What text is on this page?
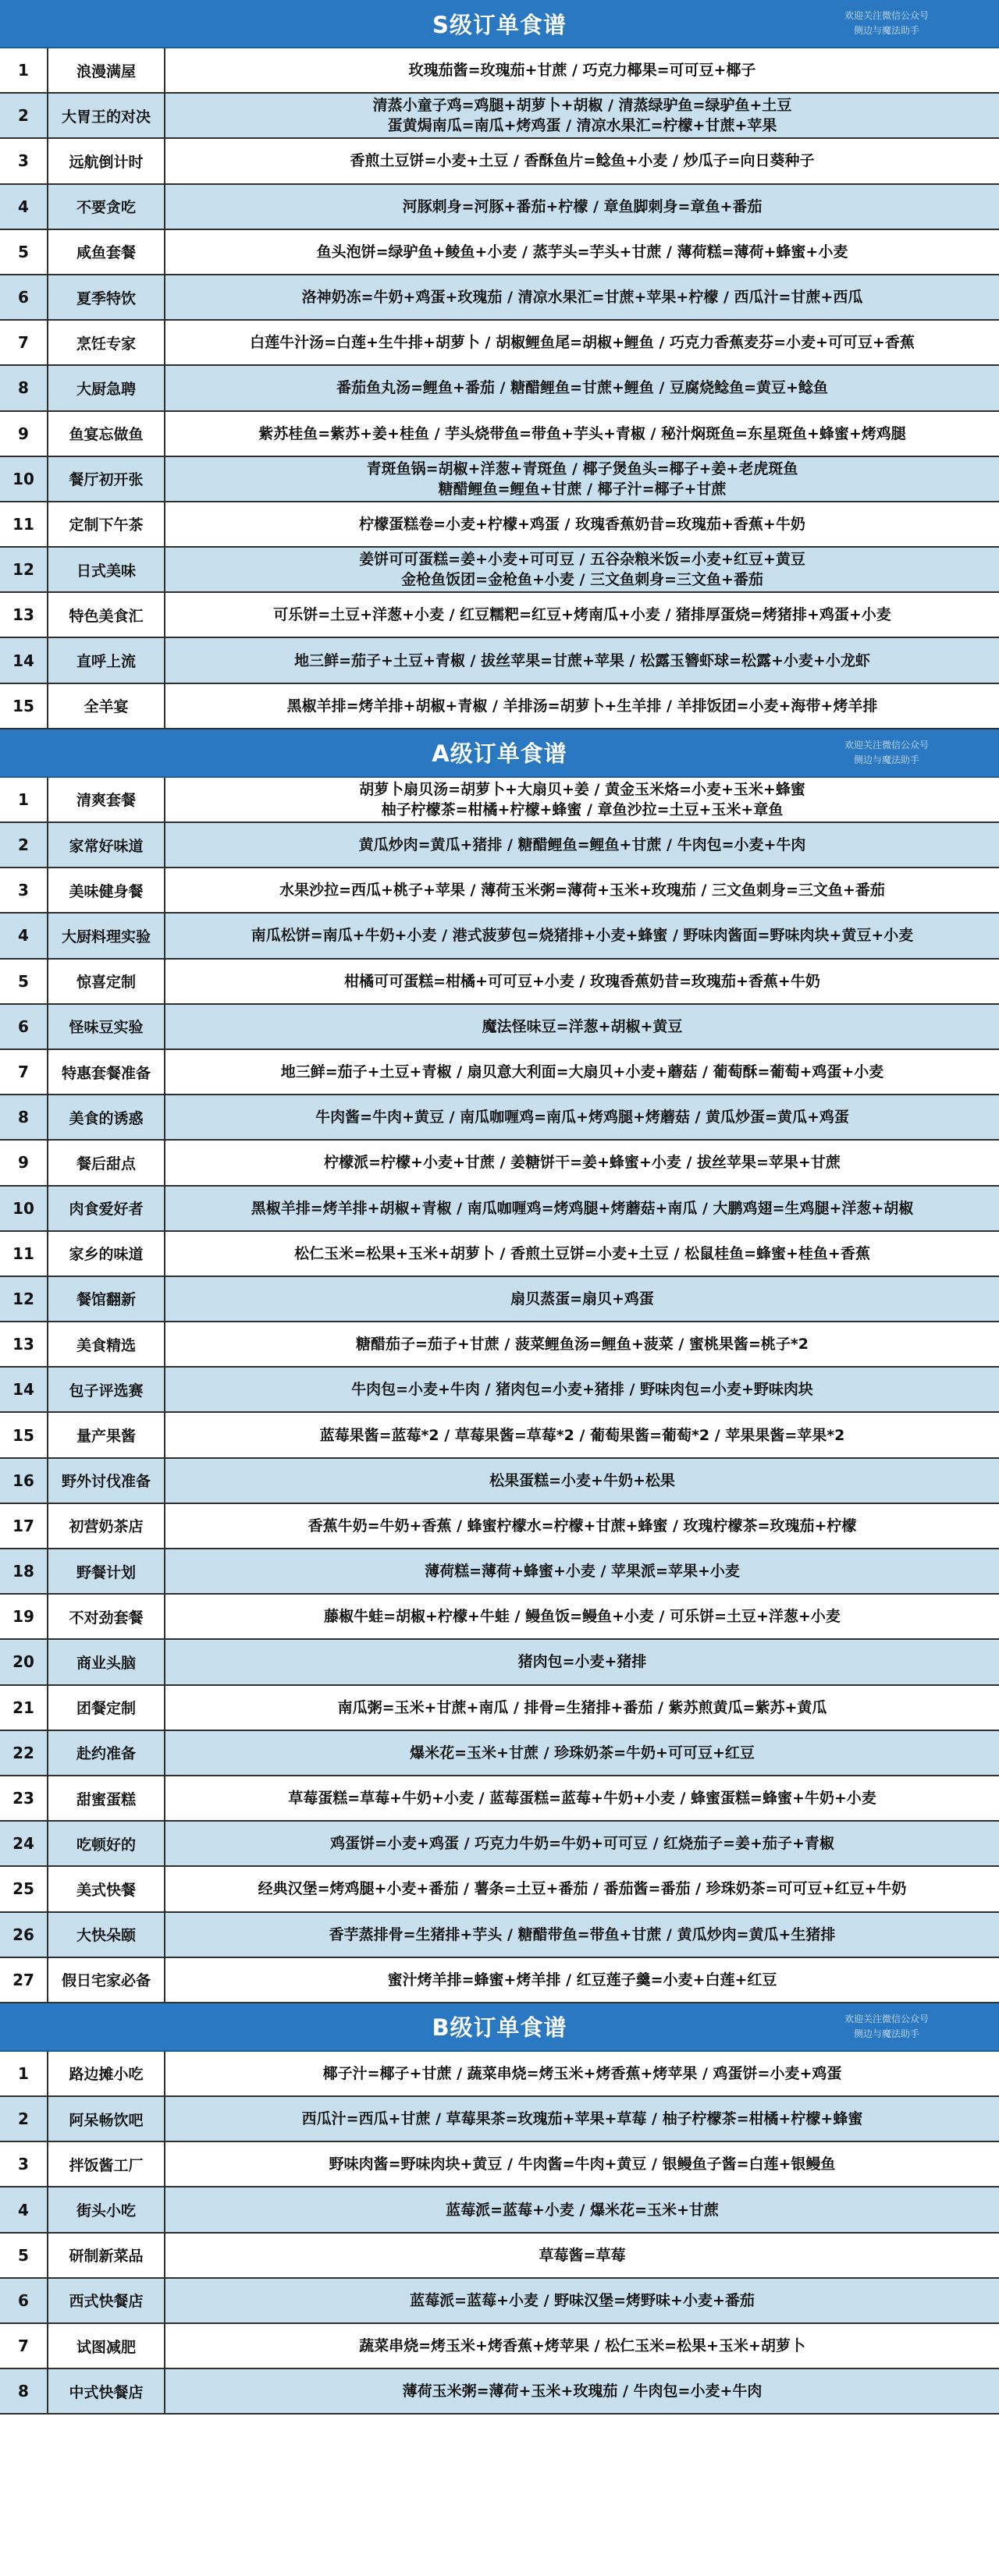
S级订单食谱	欢迎关注微信公众号
侧边与魔法助手
1	浪漫满屋	玫瑰茄酱=玫瑰茄+甘蔗 / 巧克力椰果=可可豆+椰子
2	大胃王的对决
清蒸小童子鸡=鸡腿+胡萝卜+胡椒 / 清蒸绿驴鱼=绿驴鱼+土豆
蛋黄焗南瓜=南瓜+烤鸡蛋 / 清凉水果汇=柠檬+甘蔗+苹果
3	远航倒计时	香煎土豆饼=小麦+土豆 / 香酥鱼片=鲶鱼+小麦 / 炒瓜子=向日葵种子
4	不要贪吃	河豚刺身=河豚+番茄+柠檬 / 章鱼脚刺身=章鱼+番茄
5	咸鱼套餐	鱼头泡饼=绿驴鱼+鲮鱼+小麦 / 蒸芋头=芋头+甘蔗 / 薄荷糕=薄荷+蜂蜜+小麦
6	夏季特饮	洛神奶冻=牛奶+鸡蛋+玫瑰茄 / 清凉水果汇=甘蔗+苹果+柠檬 / 西瓜汁=甘蔗+西瓜
7	烹饪专家	白莲牛汁汤=白莲+生牛排+胡萝卜 / 胡椒鲤鱼尾=胡椒+鲤鱼 / 巧克力香蕉麦芬=小麦+可可豆+香蕉
8	大厨急聘	番茄鱼丸汤=鲤鱼+番茄 / 糖醋鲤鱼=甘蔗+鲤鱼 / 豆腐烧鲶鱼=黄豆+鲶鱼
9	鱼宴忘做鱼	紫苏桂鱼=紫苏+姜+桂鱼 / 芋头烧带鱼=带鱼+芋头+青椒 / 秘汁焖斑鱼=东星斑鱼+蜂蜜+烤鸡腿
10	餐厅初开张
青斑鱼锅=胡椒+洋葱+青斑鱼 / 椰子煲鱼头=椰子+姜+老虎斑鱼
糖醋鲤鱼=鲤鱼+甘蔗 / 椰子汁=椰子+甘蔗
11	定制下午茶	柠檬蛋糕卷=小麦+柠檬+鸡蛋 / 玫瑰香蕉奶昔=玫瑰茄+香蕉+牛奶
12	日式美味
姜饼可可蛋糕=姜+小麦+可可豆 / 五谷杂粮米饭=小麦+红豆+黄豆
金枪鱼饭团=金枪鱼+小麦 / 三文鱼刺身=三文鱼+番茄
13	特色美食汇	可乐饼=土豆+洋葱+小麦 / 红豆糯粑=红豆+烤南瓜+小麦 / 猪排厚蛋烧=烤猪排+鸡蛋+小麦
14	直呼上流	地三鲜=茄子+土豆+青椒 / 拔丝苹果=甘蔗+苹果 / 松露玉簪虾球=松露+小麦+小龙虾
15	全羊宴	黑椒羊排=烤羊排+胡椒+青椒 / 羊排汤=胡萝卜+生羊排 / 羊排饭团=小麦+海带+烤羊排
A级订单食谱	欢迎关注微信公众号
侧边与魔法助手
1	清爽套餐
胡萝卜扇贝汤=胡萝卜+大扇贝+姜 / 黄金玉米烙=小麦+玉米+蜂蜜
柚子柠檬茶=柑橘+柠檬+蜂蜜 / 章鱼沙拉=土豆+玉米+章鱼
2	家常好味道	黄瓜炒肉=黄瓜+猪排 / 糖醋鲤鱼=鲤鱼+甘蔗 / 牛肉包=小麦+牛肉
3	美味健身餐	水果沙拉=西瓜+桃子+苹果 / 薄荷玉米粥=薄荷+玉米+玫瑰茄 / 三文鱼刺身=三文鱼+番茄
4	大厨料理实验	南瓜松饼=南瓜+牛奶+小麦 / 港式菠萝包=烧猪排+小麦+蜂蜜 / 野味肉酱面=野味肉块+黄豆+小麦
5	惊喜定制	柑橘可可蛋糕=柑橘+可可豆+小麦 / 玫瑰香蕉奶昔=玫瑰茄+香蕉+牛奶
6	怪味豆实验	魔法怪味豆=洋葱+胡椒+黄豆
7	特惠套餐准备	地三鲜=茄子+土豆+青椒 / 扇贝意大利面=大扇贝+小麦+蘑菇 / 葡萄酥=葡萄+鸡蛋+小麦
8	美食的诱惑	牛肉酱=牛肉+黄豆 / 南瓜咖喱鸡=南瓜+烤鸡腿+烤蘑菇 / 黄瓜炒蛋=黄瓜+鸡蛋
9	餐后甜点	柠檬派=柠檬+小麦+甘蔗 / 姜糖饼干=姜+蜂蜜+小麦 / 拔丝苹果=苹果+甘蔗
10	肉食爱好者	黑椒羊排=烤羊排+胡椒+青椒 / 南瓜咖喱鸡=烤鸡腿+烤蘑菇+南瓜 / 大鹏鸡翅=生鸡腿+洋葱+胡椒
11	家乡的味道	松仁玉米=松果+玉米+胡萝卜 / 香煎土豆饼=小麦+土豆 / 松鼠桂鱼=蜂蜜+桂鱼+香蕉
12	餐馆翻新	扇贝蒸蛋=扇贝+鸡蛋
13	美食精选	糖醋茄子=茄子+甘蔗 / 菠菜鲤鱼汤=鲤鱼+菠菜 / 蜜桃果酱=桃子*2
14	包子评选赛	牛肉包=小麦+牛肉 / 猪肉包=小麦+猪排 / 野味肉包=小麦+野味肉块
15	量产果酱	蓝莓果酱=蓝莓*2 / 草莓果酱=草莓*2 / 葡萄果酱=葡萄*2 / 苹果果酱=苹果*2
16	野外讨伐准备	松果蛋糕=小麦+牛奶+松果
17	初营奶茶店	香蕉牛奶=牛奶+香蕉 / 蜂蜜柠檬水=柠檬+甘蔗+蜂蜜 / 玫瑰柠檬茶=玫瑰茄+柠檬
18	野餐计划	薄荷糕=薄荷+蜂蜜+小麦 / 苹果派=苹果+小麦
19	不对劲套餐	藤椒牛蛙=胡椒+柠檬+牛蛙 / 鳗鱼饭=鳗鱼+小麦 / 可乐饼=土豆+洋葱+小麦
20	商业头脑	猪肉包=小麦+猪排
21	团餐定制	南瓜粥=玉米+甘蔗+南瓜 / 排骨=生猪排+番茄 / 紫苏煎黄瓜=紫苏+黄瓜
22	赴约准备	爆米花=玉米+甘蔗 / 珍珠奶茶=牛奶+可可豆+红豆
23	甜蜜蛋糕	草莓蛋糕=草莓+牛奶+小麦 / 蓝莓蛋糕=蓝莓+牛奶+小麦 / 蜂蜜蛋糕=蜂蜜+牛奶+小麦
24	吃顿好的	鸡蛋饼=小麦+鸡蛋 / 巧克力牛奶=牛奶+可可豆 / 红烧茄子=姜+茄子+青椒
25	美式快餐	经典汉堡=烤鸡腿+小麦+番茄 / 薯条=土豆+番茄 / 番茄酱=番茄 / 珍珠奶茶=可可豆+红豆+牛奶
26	大快朵颐	香芋蒸排骨=生猪排+芋头 / 糖醋带鱼=带鱼+甘蔗 / 黄瓜炒肉=黄瓜+生猪排
27	假日宅家必备	蜜汁烤羊排=蜂蜜+烤羊排 / 红豆莲子羹=小麦+白莲+红豆
B级订单食谱	欢迎关注微信公众号
侧边与魔法助手
1	路边摊小吃	椰子汁=椰子+甘蔗 / 蔬菜串烧=烤玉米+烤香蕉+烤苹果 / 鸡蛋饼=小麦+鸡蛋
2	阿呆畅饮吧	西瓜汁=西瓜+甘蔗 / 草莓果茶=玫瑰茄+苹果+草莓 / 柚子柠檬茶=柑橘+柠檬+蜂蜜
3	拌饭酱工厂	野味肉酱=野味肉块+黄豆 / 牛肉酱=牛肉+黄豆 / 银鳗鱼子酱=白莲+银鳗鱼
4	街头小吃	蓝莓派=蓝莓+小麦 / 爆米花=玉米+甘蔗
5	研制新菜品	草莓酱=草莓
6	西式快餐店	蓝莓派=蓝莓+小麦 / 野味汉堡=烤野味+小麦+番茄
7	试图减肥	蔬菜串烧=烤玉米+烤香蕉+烤苹果 / 松仁玉米=松果+玉米+胡萝卜
8	中式快餐店	薄荷玉米粥=薄荷+玉米+玫瑰茄 / 牛肉包=小麦+牛肉
